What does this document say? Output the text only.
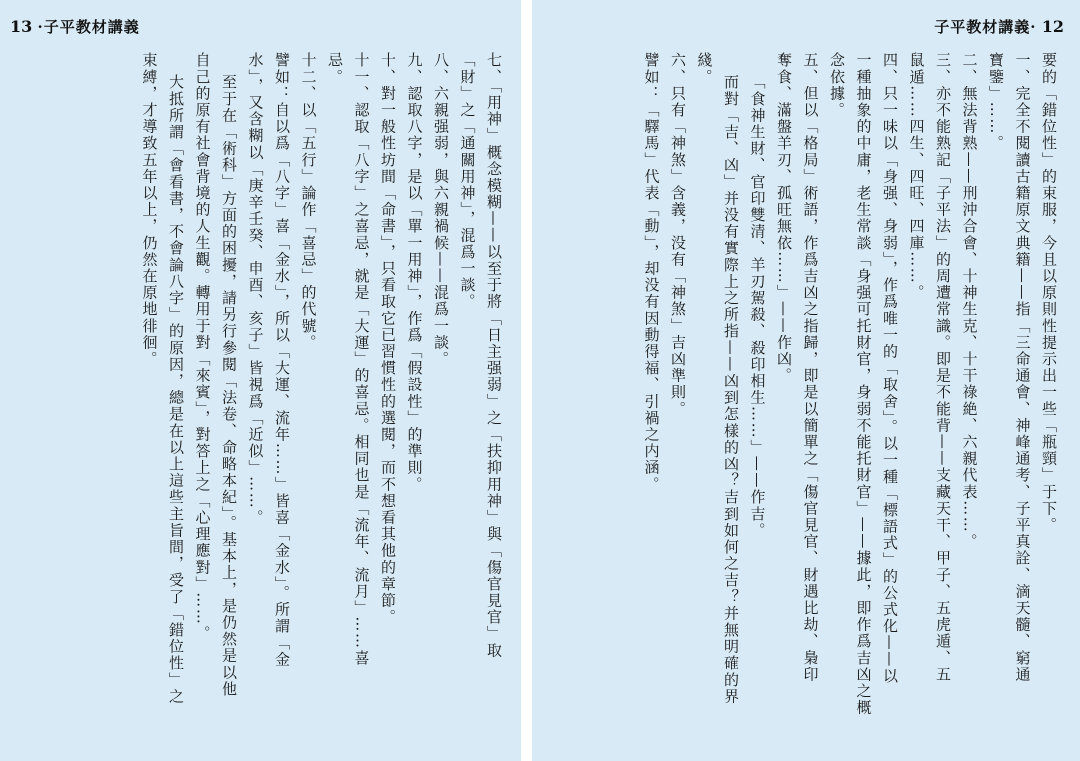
13 ·子平教材講義
七、「用神」概念模糊——以至于將「日主强弱」之「扶抑用神」與「傷官見官」取
「財」之「通關用神」，混爲一談。
八、六親强弱，與六親禍候——混爲一談。
九、認取八字，是以「單一用神」，作爲「假設性」的準則。
十、對一般性坊間「命書」，只看取它已習慣性的選閱，而不想看其他的章節。
十一、認取「八字」之喜忌，就是「大運」的喜忌。相同也是「流年、流月」……喜
忌。
十二、以「五行」論作「喜忌」的代號。
譬如：自以爲「八字」喜「金水」，所以「大運、流年……」皆喜「金水」。所謂「金
水」，又含糊以「庚辛壬癸、申酉、亥子」皆視爲「近似」……。
至于在「術科」方面的困擾，請另行參閱「法卷、命略本紀」。基本上，是仍然是以他
自己的原有社會背境的人生觀。轉用于對「來賓」，對答上之「心理應對」……。
大抵所謂「會看書，不會論八字」的原因，總是在以上這些主旨間，受了「錯位性」之
束縛，才導致五年以上，仍然在原地徘徊。
子平教材講義· 12
要的「錯位性」的束服，今且以原則性提示出一些「瓶頸」于下。
一、完全不閱讀古籍原文典籍——指「三命通會、神峰通考、子平真詮、滴天髓、窮通
寶鑒」……。
二、無法背熟——刑沖合會、十神生克、十干祿絶、六親代表……。
三、亦不能熟記「子平法」的周遭常識。即是不能背——支藏天干、甲子、五虎遁、五
鼠遁……四生、四旺、四庫……。
四、只一味以「身强、身弱」，作爲唯一的「取舍」。以一種「標語式」的公式化——以
一種抽象的中庸，老生常談「身强可托財官，身弱不能托財官」——據此，即作爲吉凶之概
念依據。
五、但以「格局」術語，作爲吉凶之指歸，即是以簡單之「傷官見官、財遇比劫、梟印
奪食、滿盤羊刃、孤旺無依……」——作凶。
「食神生財、官印雙清、羊刃駕殺、殺印相生……」——作吉。
而對「吉、凶」并没有實際上之所指——凶到怎樣的凶？吉到如何之吉？并無明確的界
綫。
六、只有「神煞」含義，没有「神煞」吉凶準則。
譬如：「驛馬」代表「動」，却没有因動得福、引禍之内涵。
